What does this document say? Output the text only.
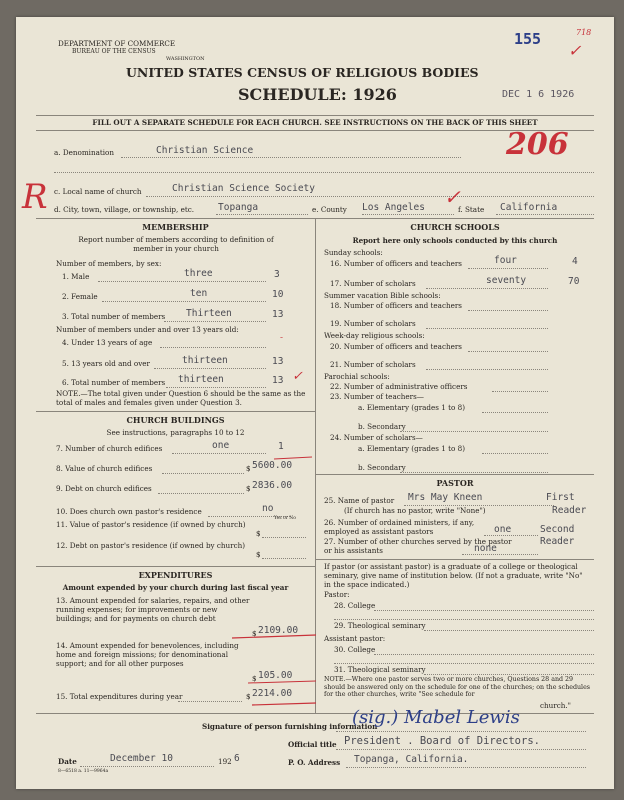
DEPARTMENT OF COMMERCE
BUREAU OF THE CENSUS
WASHINGTON
UNITED STATES CENSUS OF RELIGIOUS BODIES
SCHEDULE: 1926
155	718
✓
DEC 1 6 1926
FILL OUT A SEPARATE SCHEDULE FOR EACH CHURCH. SEE INSTRUCTIONS ON THE BACK OF THIS SHEET
a. Denomination	Christian Science	206
R c. Local name of church	Christian Science Society
d. City, town, village, or township, etc.	Topanga	e. County Los Angeles ✓
f. State California
MEMBERSHIP
Report number of members according to definition of member in your church
Number of members, by sex:
1. Male	three	3
2. Female	ten	10
3. Total number of members Thirteen	13
Number of members under and over 13 years old:
4. Under 13 years of age	-
5. 13 years old and over	thirteen	13
6. Total number of members thirteen	13 ✓
NOTE.—The total given under Question 6 should be the same as the total of males and females given under Question 3.
CHURCH BUILDINGS
See instructions, paragraphs 10 to 12
7. Number of church edifices	one	1
8. Value of church edifices	$ 5600.00
9. Debt on church edifices	$ 2836.00
10. Does church own pastor's residence	no
Yes or No
11. Value of pastor's residence (if owned by church)
$
12. Debt on pastor's residence (if owned by church)
$
EXPENDITURES
Amount expended by your church during last fiscal year
13. Amount expended for salaries, repairs, and other running expenses; for improvements or new buildings; and for payments on church debt
$ 2109.00
14. Amount expended for benevolences, including home and foreign missions; for denominational support; and for all other purposes
$ 105.00
15. Total expenditures during year	$ 2214.00
CHURCH SCHOOLS
Report here only schools conducted by this church
Sunday schools:
16. Number of officers and teachers	four	4
17. Number of scholars	seventy	70
Summer vacation Bible schools:
18. Number of officers and teachers
19. Number of scholars
Week-day religious schools:
20. Number of officers and teachers
21. Number of scholars
Parochial schools:
22. Number of administrative officers
23. Number of teachers—
a. Elementary (grades 1 to 8)
b. Secondary
24. Number of scholars—
a. Elementary (grades 1 to 8)
b. Secondary
PASTOR
25. Name of pastor Mrs May Kneen	First
(If church has no pastor, write "None")	Reader
26. Number of ordained ministers, if any, employed as assistant pastors	one	Second
27. Number of other churches served by the pastor or his assistants	none
Reader
If pastor (or assistant pastor) is a graduate of a college or theological seminary, give name of institution below. (If not a graduate, write "No" in the space indicated.)
Pastor:
28. College
29. Theological seminary
Assistant pastor:
30. College
31. Theological seminary
NOTE.—Where one pastor serves two or more churches, Questions 28 and 29 should be answered only on the schedule for one of the churches; on the schedules for the other churches, write "See schedule for
church."
Signature of person furnishing information
(sig.) Mabel Lewis
Official title President . Board of Directors.
Date	December 10	192 6
8—6518 a. 11—9964a
P. O. Address Topanga, California.
